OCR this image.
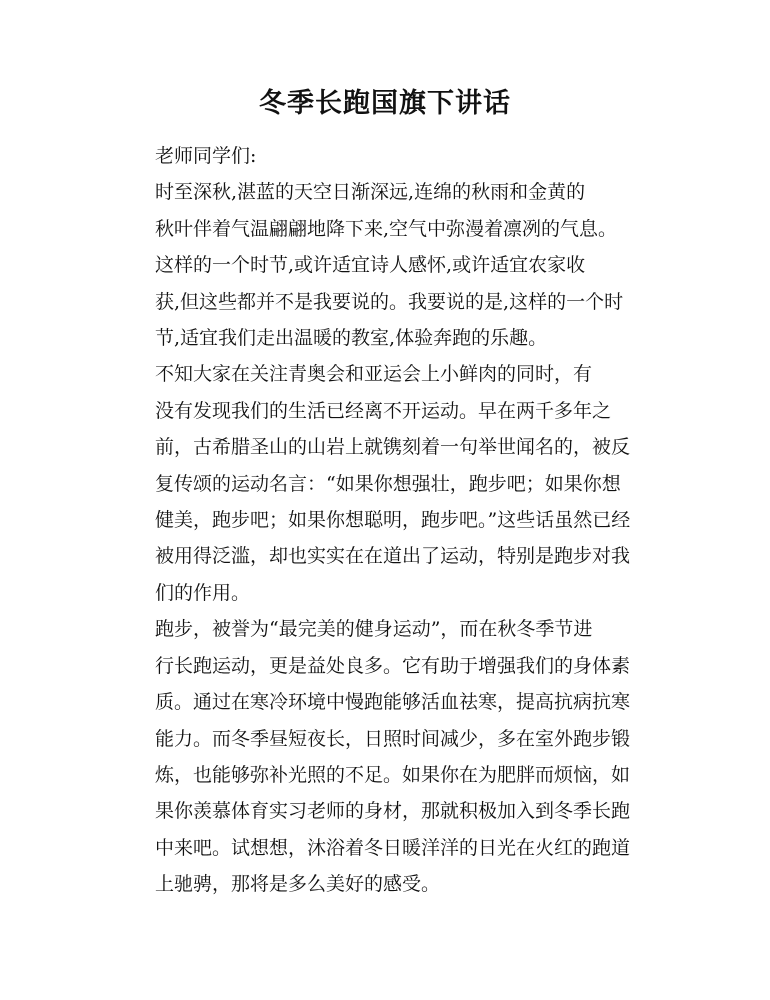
冬季长跑国旗下讲话

老师同学们:

时至深秋,湛蓝的天空日渐深远,连绵的秋雨和金黄的
秋叶伴着气温翩翩地降下来,空气中弥漫着凛冽的气息。

这样的一个时节,或许适宜诗人感怀,或许适宜农家收
获,但这些都并不是我要说的。我要说的是,这样的一个时
节,适宜我们走出温暖的教室,体验奔跑的乐趣。

不知大家在关注青奥会和亚运会上小鲜肉的同时，有
没有发现我们的生活已经离不开运动。早在两千多年之
前，古希腊圣山的山岩上就镌刻着一句举世闻名的，被反
复传颂的运动名言：“如果你想强壮，跑步吧；如果你想
健美，跑步吧；如果你想聪明，跑步吧。”这些话虽然已经
被用得泛滥，却也实实在在道出了运动，特别是跑步对我
们的作用。

跑步，被誉为“最完美的健身运动”，而在秋冬季节进
行长跑运动，更是益处良多。它有助于增强我们的身体素
质。通过在寒冷环境中慢跑能够活血祛寒，提高抗病抗寒
能力。而冬季昼短夜长，日照时间减少，多在室外跑步锻
炼，也能够弥补光照的不足。如果你在为肥胖而烦恼，如
果你羡慕体育实习老师的身材，那就积极加入到冬季长跑
中来吧。试想想，沐浴着冬日暖洋洋的日光在火红的跑道
上驰骋，那将是多么美好的感受。
